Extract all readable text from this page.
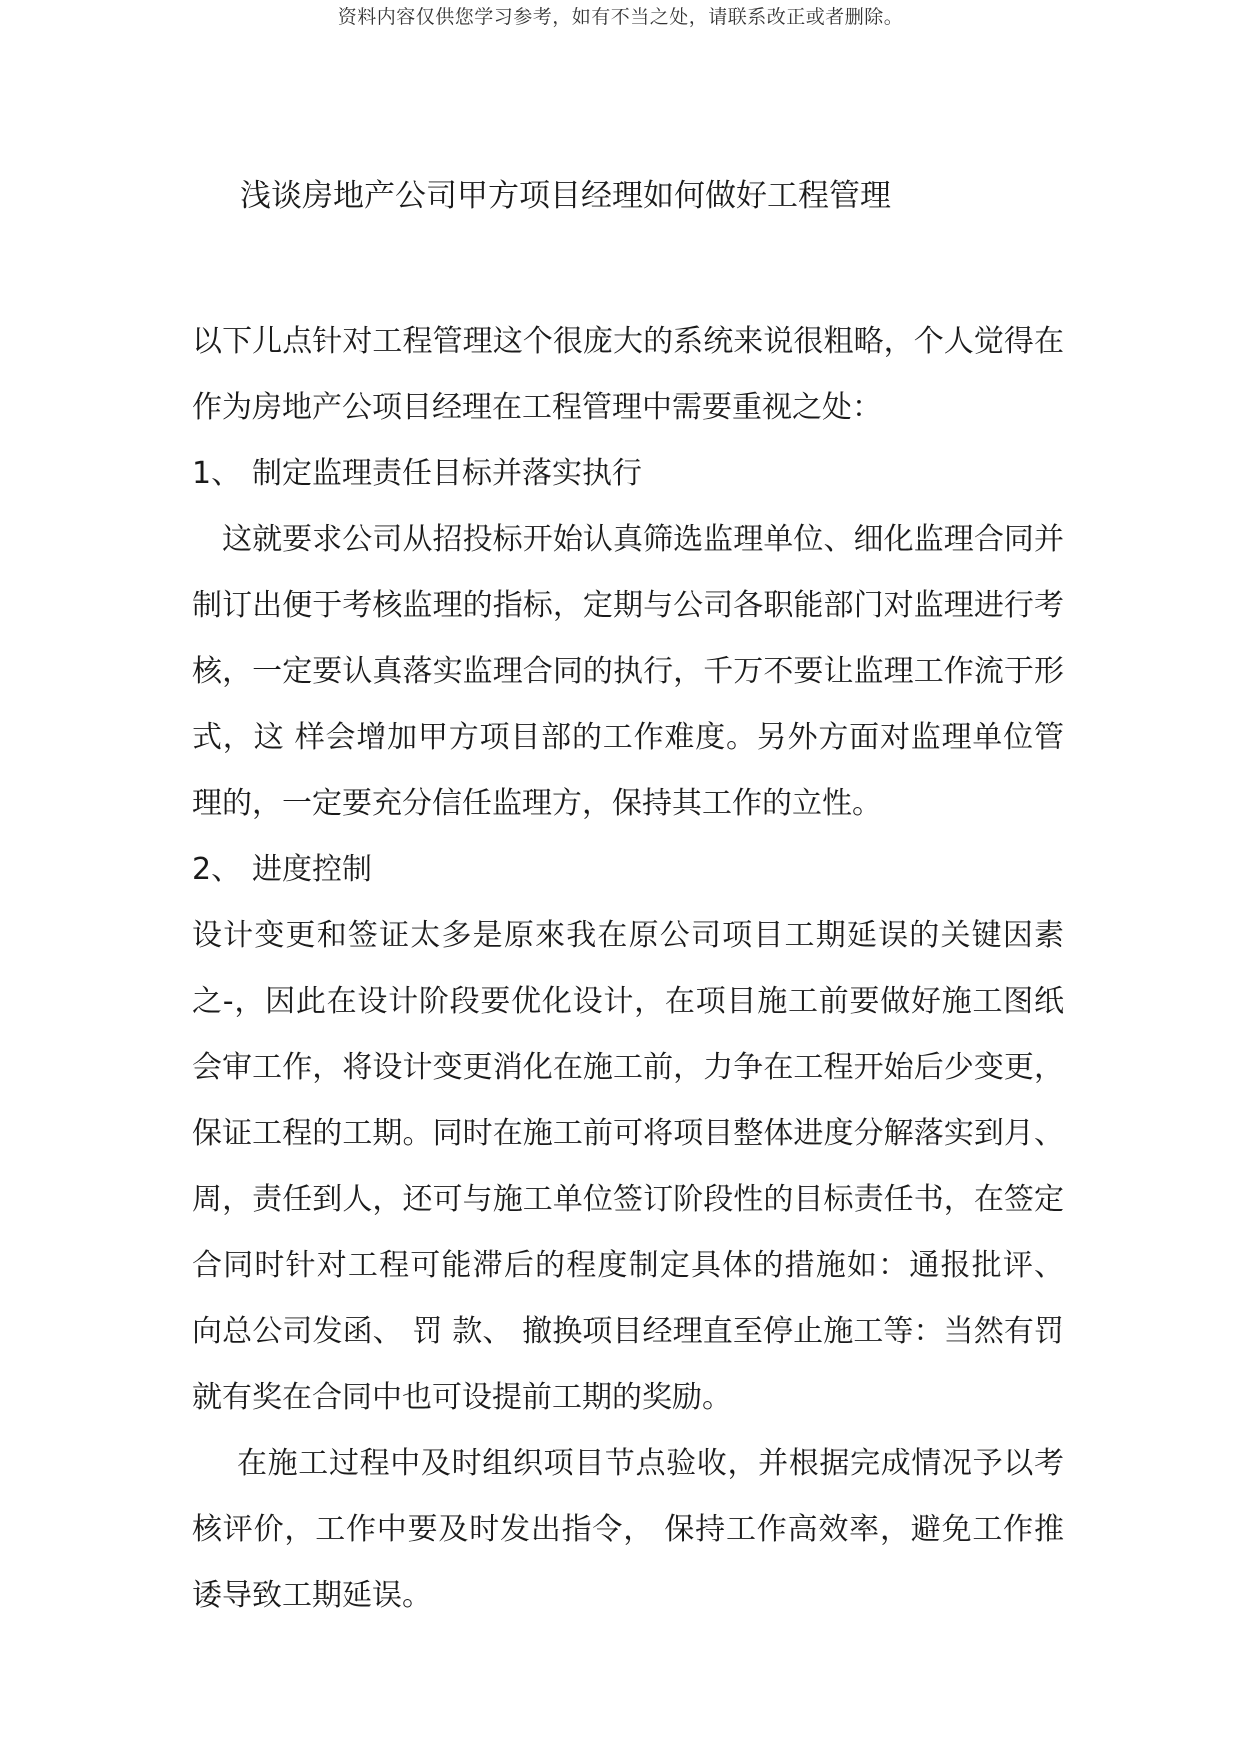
资料内容仅供您学习参考，如有不当之处，请联系改正或者删除。
浅谈房地产公司甲方项目经理如何做好工程管理

以下儿点针对工程管理这个很庞大的系统来说很粗略，个人觉得在作为房地产公项目经理在工程管理中需要重视之处：

1、 制定监理责任目标并落实执行

这就要求公司从招投标开始认真筛选监理单位、细化监理合同并制订出便于考核监理的指标，定期与公司各职能部门对监理进行考核，一定要认真落实监理合同的执行，千万不要让监理工作流于形式，这 样会增加甲方项目部的工作难度。另外方面对监理单位管理的，一定要充分信任监理方，保持其工作的立性。

2、 进度控制

设计变更和签证太多是原來我在原公司项目工期延误的关键因素之-，因此在设计阶段要优化设计，在项目施工前要做好施工图纸会审工作，将设计变更消化在施工前，力争在工程开始后少变更，保证工程的工期。同时在施工前可将项目整体进度分解落实到月、周，责任到人，还可与施工单位签订阶段性的目标责任书，在签定合同时针对工程可能滞后的程度制定具体的措施如：通报批评、 向总公司发函、 罚 款、 撤换项目经理直至停止施工等：当然有罚就有奖在合同中也可设提前工期的奖励。

在施工过程中及时组织项目节点验收，并根据完成情况予以考核评价，工作中要及时发出指令， 保持工作高效率，避免工作推诿导致工期延误。
